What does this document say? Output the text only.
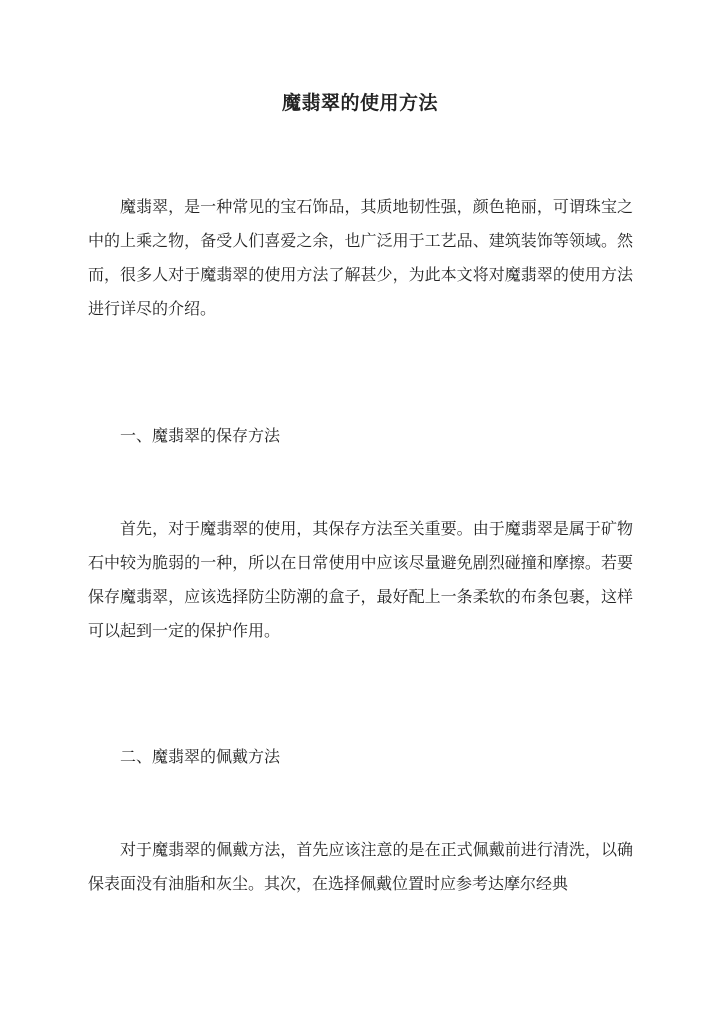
魔翡翠的使用方法

魔翡翠，是一种常见的宝石饰品，其质地韧性强，颜色艳丽，可谓珠宝之中的上乘之物，备受人们喜爱之余，也广泛用于工艺品、建筑装饰等领域。然而，很多人对于魔翡翠的使用方法了解甚少，为此本文将对魔翡翠的使用方法进行详尽的介绍。

一、魔翡翠的保存方法

首先，对于魔翡翠的使用，其保存方法至关重要。由于魔翡翠是属于矿物石中较为脆弱的一种，所以在日常使用中应该尽量避免剧烈碰撞和摩擦。若要保存魔翡翠，应该选择防尘防潮的盒子，最好配上一条柔软的布条包裹，这样可以起到一定的保护作用。

二、魔翡翠的佩戴方法

对于魔翡翠的佩戴方法，首先应该注意的是在正式佩戴前进行清洗，以确保表面没有油脂和灰尘。其次，在选择佩戴位置时应参考达摩尔经典
